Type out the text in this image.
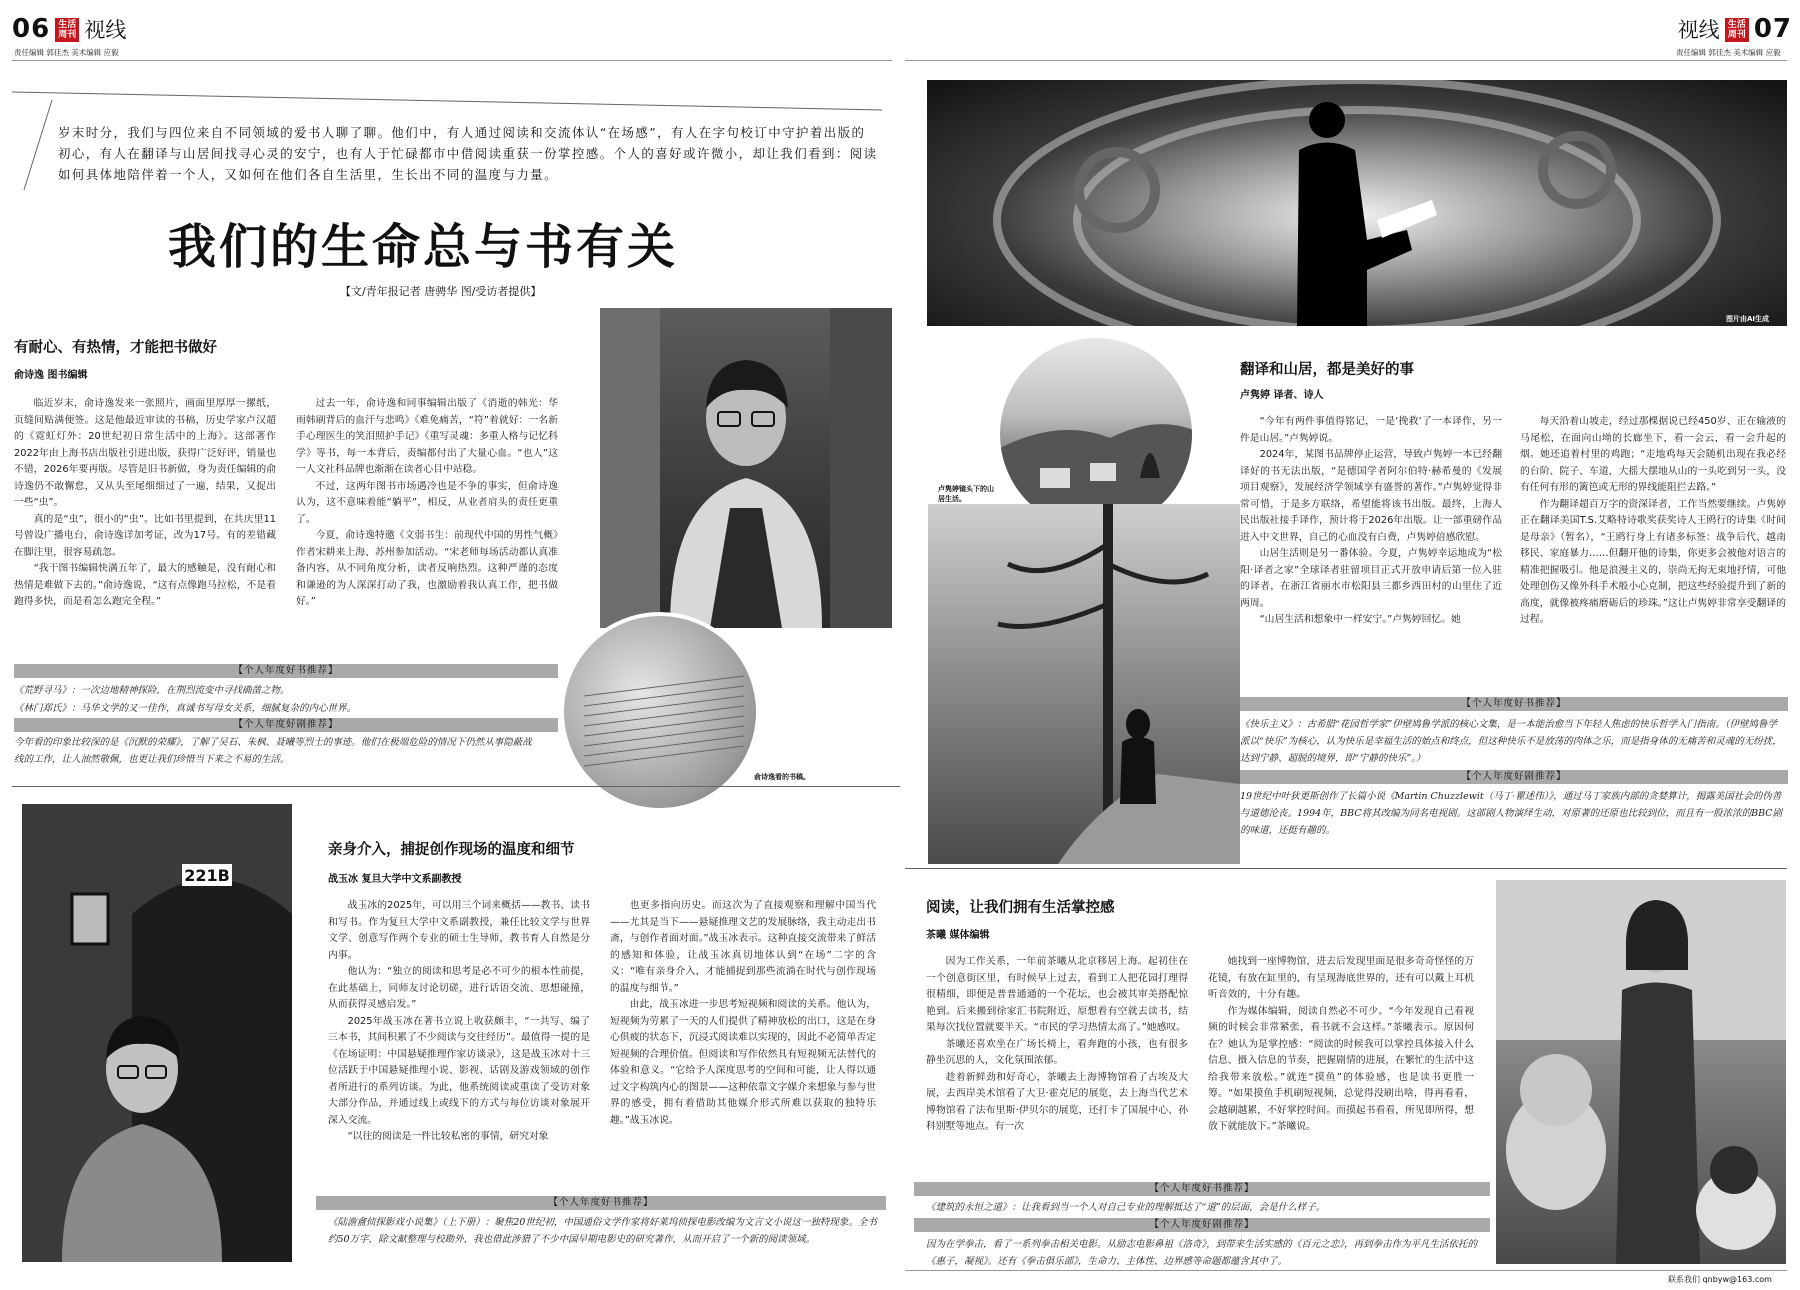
06 生活周刊 视线
责任编辑 郭佳杰 美术编辑 应毅
视线 生活周刊 07
责任编辑 郭佳杰 美术编辑 应毅
岁末时分，我们与四位来自不同领域的爱书人聊了聊。他们中，有人通过阅读和交流体认“在场感”，有人在字句校订中守护着出版的初心，有人在翻译与山居间找寻心灵的安宁，也有人于忙碌都市中借阅读重获一份掌控感。个人的喜好或许微小，却让我们看到：阅读如何具体地陪伴着一个人，又如何在他们各自生活里，生长出不同的温度与力量。
我们的生命总与书有关
【文/青年报记者 唐骋华 图/受访者提供】
有耐心、有热情，才能把书做好
俞诗逸 图书编辑

临近岁末，俞诗逸发来一张照片，画面里厚厚一摞纸，页缝间贴满便签。这是他最近审读的书稿，历史学家卢汉超的《霓虹灯外：20世纪初日常生活中的上海》。这部著作2022年由上海书店出版社引进出版，获得广泛好评，销量也不错，2026年要再版。尽管是旧书新做，身为责任编辑的俞诗逸仍不敢懈怠，又从头至尾细细过了一遍，结果，又捉出一些“虫”。

真的是“虫”，很小的“虫”。比如书里提到，在共庆里11号曾设广播电台，俞诗逸详加考证，改为17号。有的差错藏在脚注里，很容易疏忽。

“我干图书编辑快满五年了，最大的感触是，没有耐心和热情是难做下去的。”俞诗逸说，“这有点像跑马拉松，不是看跑得多快，而是看怎么跑完全程。”

过去一年，俞诗逸和同事编辑出版了《消逝的韩光：华雨韩刷背后的血汗与悲鸣》《难免痛苦，“符”着就好：一名新手心理医生的笑泪照护手记》《重写灵魂：多重人格与记忆科学》等书，每一本背后，责编都付出了大量心血。“也人”这一人文社科品牌也渐渐在读者心目中站稳。

不过，这两年图书市场遇冷也是不争的事实，但俞诗逸认为，这不意味着能“躺平”，相反，从业者肩头的责任更重了。

今夏，俞诗逸特邀《文弱书生：前现代中国的男性气概》作者宋耕来上海、苏州参加活动。“宋老师每场活动都认真准备内容，从不同角度分析，读者反响热烈。这种严谨的态度和谦逊的为人深深打动了我，也激励着我认真工作，把书做好。”

【个人年度好书推荐】
《荒野寻马》：一次边地精神探险，在荆烈流变中寻找确凿之物。
《林门郑氏》：马华文学的又一佳作，真诚书写母女关系，细腻复杂的内心世界。
【个人年度好剧推荐】
今年看的印象比较深的是《沉默的荣耀》，了解了吴石、朱枫、聂曦等烈士的事迹。他们在极端危险的情况下仍然从事隐蔽战线的工作，让人油然敬佩，也更让我们珍惜当下来之不易的生活。
俞诗逸看的书稿。
221B
亲身介入，捕捉创作现场的温度和细节
战玉冰 复旦大学中文系副教授

战玉冰的2025年，可以用三个词来概括——教书、读书和写书。作为复旦大学中文系副教授，兼任比较文学与世界文学、创意写作两个专业的硕士生导师，教书育人自然是分内事。

他认为：“独立的阅读和思考是必不可少的根本性前提，在此基础上，同师友讨论切磋，进行话语交流、思想碰撞，从而获得灵感启发。”

2025年战玉冰在著书立说上收获颇丰，“一共写、编了三本书，其间积累了不少阅读与交往经历”。最值得一提的是《在场证明：中国悬疑推理作家访谈录》，这是战玉冰对十三位活跃于中国悬疑推理小说、影视、话剧及游戏领域的创作者所进行的系列访谈。为此，他系统阅读或重读了受访对象大部分作品，并通过线上或线下的方式与每位访谈对象展开深入交流。

“以往的阅读是一件比较私密的事情，研究对象

也更多指向历史。而这次为了直接观察和理解中国当代——尤其是当下——悬疑推理文艺的发展脉络，我主动走出书斋，与创作者面对面。”战玉冰表示。这种直接交流带来了鲜活的感知和体验，让战玉冰真切地体认到“在场”二字的含义：“唯有亲身介入，才能捕捉到那些流淌在时代与创作现场的温度与细节。”

由此，战玉冰进一步思考短视频和阅读的关系。他认为，短视频为劳累了一天的人们提供了精神放松的出口，这是在身心俱疲的状态下，沉浸式阅读难以实现的，因此不必简单否定短视频的合理价值。但阅读和写作依然具有短视频无法替代的体验和意义。“它给予人深度思考的空间和可能，让人得以通过文字构筑内心的图景——这种依靠文字媒介来想象与参与世界的感受，拥有着借助其他媒介形式所难以获取的独特乐趣。”战玉冰说。

【个人年度好书推荐】
《陆澹盦侦探影戏小说集》（上下册）：聚焦20世纪初，中国通俗文学作家将好莱坞侦探电影改编为文言文小说这一独特现象。全书约50万字，除文献整理与校勘外，我也借此涉猎了不少中国早期电影史的研究著作，从而开启了一个新的阅读领域。
图片由AI生成
卢隽婷镜头下的山居生活。
翻译和山居，都是美好的事
卢隽婷 译者、诗人

“今年有两件事值得铭记，一是‘挽救’了一本译作，另一件是山居。”卢隽婷说。

2024年，某图书品牌停止运营，导致卢隽婷一本已经翻译好的书无法出版，“是德国学者阿尔伯特·赫希曼的《发展项目观察》，发展经济学领域享有盛誉的著作。”卢隽婷觉得非常可惜，于是多方联络，希望能将该书出版。最终，上海人民出版社接手译作，预计将于2026年出版。让一部重磅作品进入中文世界，自己的心血没有白费，卢隽婷倍感欣慰。

山居生活则是另一番体验。今夏，卢隽婷幸运地成为“松阳·译者之家”全球译者驻留项目正式开放申请后第一位入驻的译者，在浙江省丽水市松阳县三都乡西田村的山里住了近两周。

“山居生活和想象中一样安宁。”卢隽婷回忆。她

每天沿着山坡走，经过那棵据说已经450岁、正在输液的马尾松，在面向山坳的长廊坐下，看一会云，看一会升起的烟。她还追着村里的鸡跑；“走地鸡每天会随机出现在我必经的台阶、院子、车道，大摇大摆地从山的一头吃到另一头，没有任何有形的篱笆或无形的界线能阻拦去路。”

作为翻译超百万字的资深译者，工作当然要继续。卢隽婷正在翻译美国T.S.艾略特诗歌奖获奖诗人王鸥行的诗集《时间是母亲》（暂名），“王鸥行身上有诸多标签：战争后代、越南移民、家庭暴力……但翻开他的诗集，你更多会被他对语言的精准把握吸引。他是浪漫主义的，崇尚无拘无束地抒情，可他处理创伤又像外科手术般小心克制，把这些经验提升到了新的高度，就像被疼痛磨砺后的珍珠。”这让卢隽婷非常享受翻译的过程。

【个人年度好书推荐】
《快乐主义》：古希腊“花园哲学家”伊壁鸠鲁学派的核心文集，是一本能治愈当下年轻人焦虑的快乐哲学入门指南。（伊壁鸠鲁学派以“快乐”为核心，认为快乐是幸福生活的始点和终点，但这种快乐不是放荡的肉体之乐，而是指身体的无痛苦和灵魂的无纷扰，达到宁静、超脱的境界，即“宁静的快乐”。）
【个人年度好剧推荐】
19世纪中叶狄更斯创作了长篇小说《Martin Chuzzlewit（马丁·瞿述伟）》，通过马丁家族内部的贪婪算计，揭露美国社会的伪善与道德沦丧。1994年，BBC将其改编为同名电视剧。这部剧人物演绎生动，对原著的还原也比较到位，而且有一股浓浓的BBC剧的味道，还挺有趣的。
阅读，让我们拥有生活掌控感
茶曦 媒体编辑

因为工作关系，一年前茶曦从北京移居上海。起初住在一个创意街区里，有时候早上过去，看到工人把花园打理得很精细，即便是普普通通的一个花坛，也会被其审美搭配惊艳到。后来搬到徐家汇书院附近，原想着有空就去读书，结果每次找位置就要半天。“市民的学习热情太高了。”她感叹。

茶曦还喜欢坐在广场长椅上，看奔跑的小孩，也有很多静坐沉思的人，文化氛围浓郁。

趁着新鲜劲和好奇心，茶曦去上海博物馆看了古埃及大展，去西岸美术馆看了大卫·霍克尼的展览，去上海当代艺术博物馆看了法布里斯·伊贝尔的展览，还打卡了国展中心、孙科别墅等地点。有一次

她找到一座博物馆，进去后发现里面是很多奇奇怪怪的万花镜，有放在缸里的，有呈现海底世界的，还有可以戴上耳机听音效的，十分有趣。

作为媒体编辑，阅读自然必不可少。“今年发现自己看视频的时候会非常紧张，看书就不会这样。”茶曦表示。原因何在？她认为是掌控感：“阅读的时候我可以掌控具体接入什么信息、摄入信息的节奏，把握剧情的进展，在繁忙的生活中这给我带来放松。”就连“摸鱼”的体验感，也是读书更胜一筹。“如果摸鱼手机刷短视频，总觉得没刷出啥，得再看看，会越刷越累，不好掌控时间。而摸起书看看，所见即所得，想放下就能放下。”茶曦说。

【个人年度好书推荐】
《建筑的永恒之道》：让我看到当一个人对自己专业的理解抵达了“道”的层面，会是什么样子。
【个人年度好剧推荐】
因为在学拳击，看了一系列拳击相关电影。从励志电影鼻祖《洛奇》，到带来生活实感的《百元之恋》，再到拳击作为平凡生活依托的《惠子，凝视》。还有《拳击俱乐部》，生命力、主体性、边界感等命题都蕴含其中了。
联系我们 qnbyw@163.com
